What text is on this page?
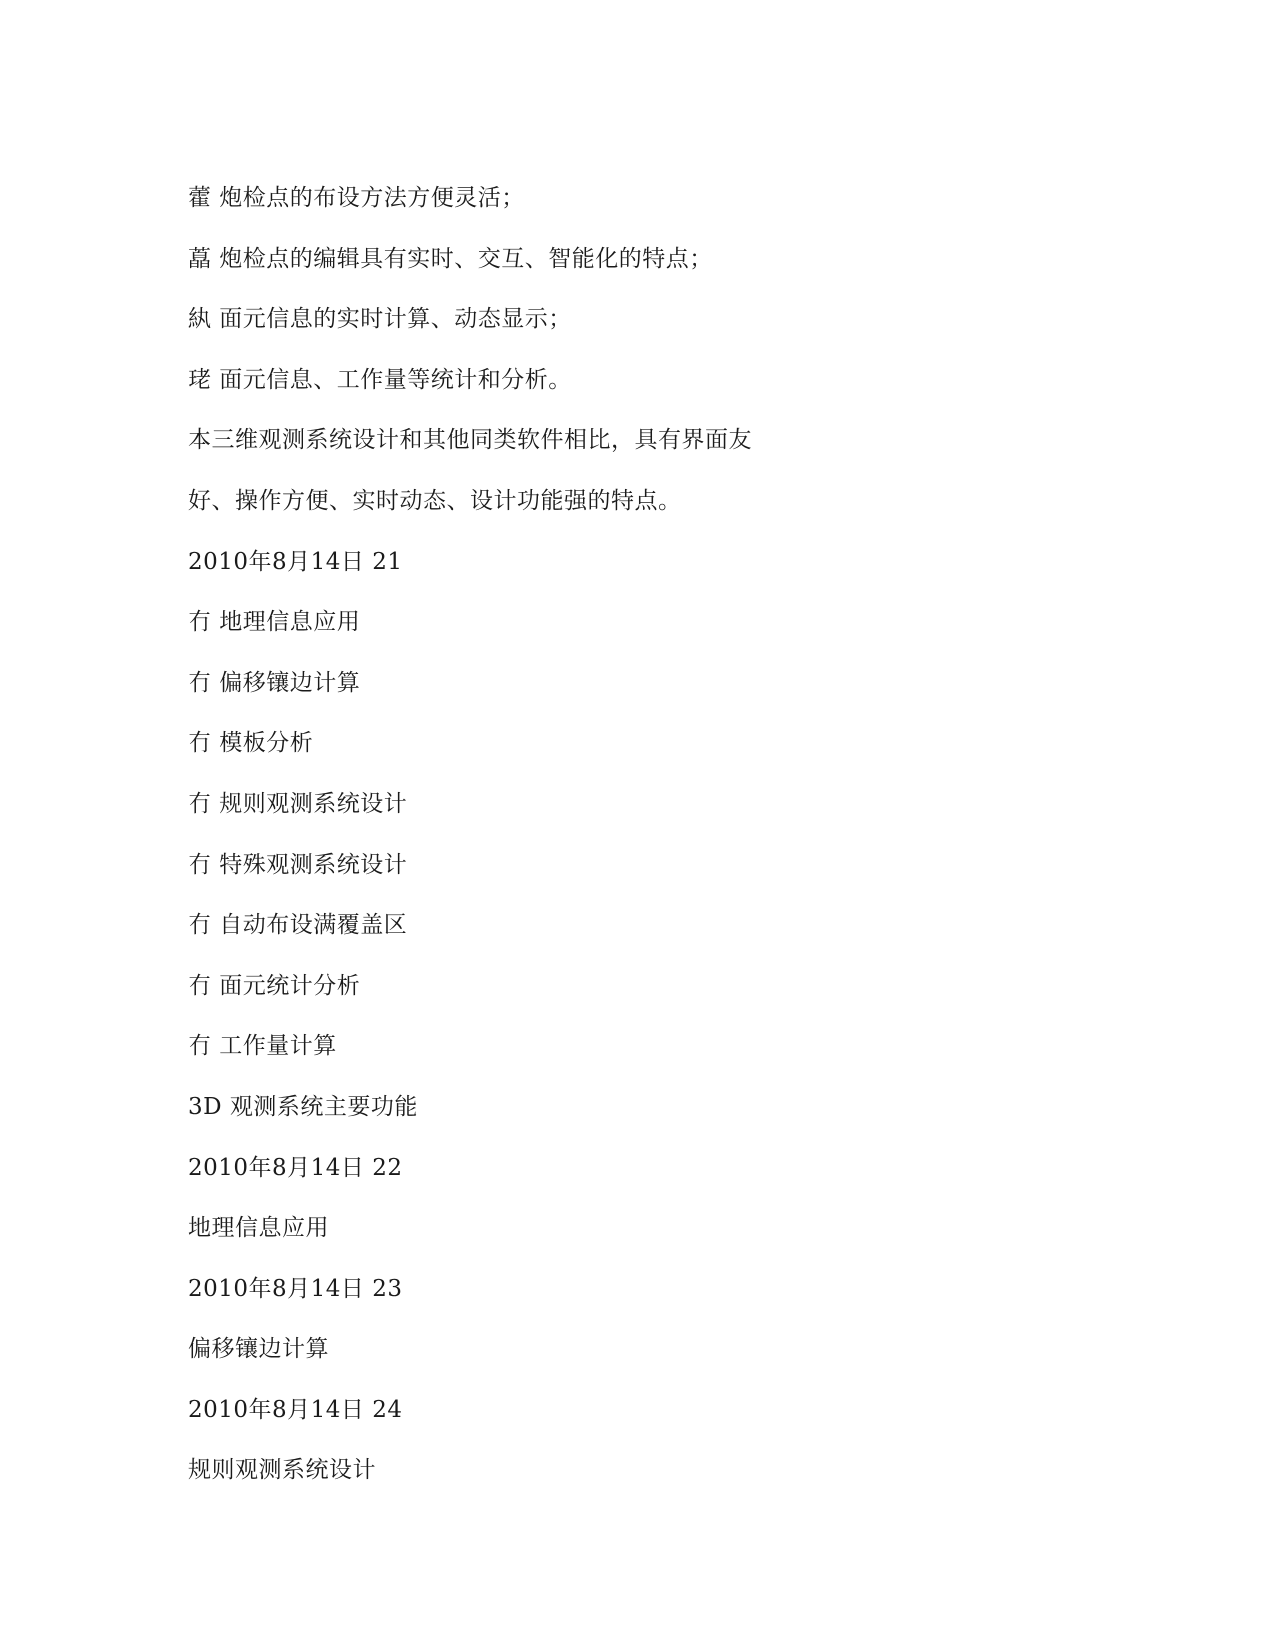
藿 炮检点的布设方法方便灵活；
藠 炮检点的编辑具有实时、交互、智能化的特点；
紈 面元信息的实时计算、动态显示；
珯 面元信息、工作量等统计和分析。
本三维观测系统设计和其他同类软件相比，具有界面友
好、操作方便、实时动态、设计功能强的特点。
2010年8月14日 21
冇 地理信息应用
冇 偏移镶边计算
冇 模板分析
冇 规则观测系统设计
冇 特殊观测系统设计
冇 自动布设满覆盖区
冇 面元统计分析
冇 工作量计算
3D 观测系统主要功能
2010年8月14日 22
地理信息应用
2010年8月14日 23
偏移镶边计算
2010年8月14日 24
规则观测系统设计
